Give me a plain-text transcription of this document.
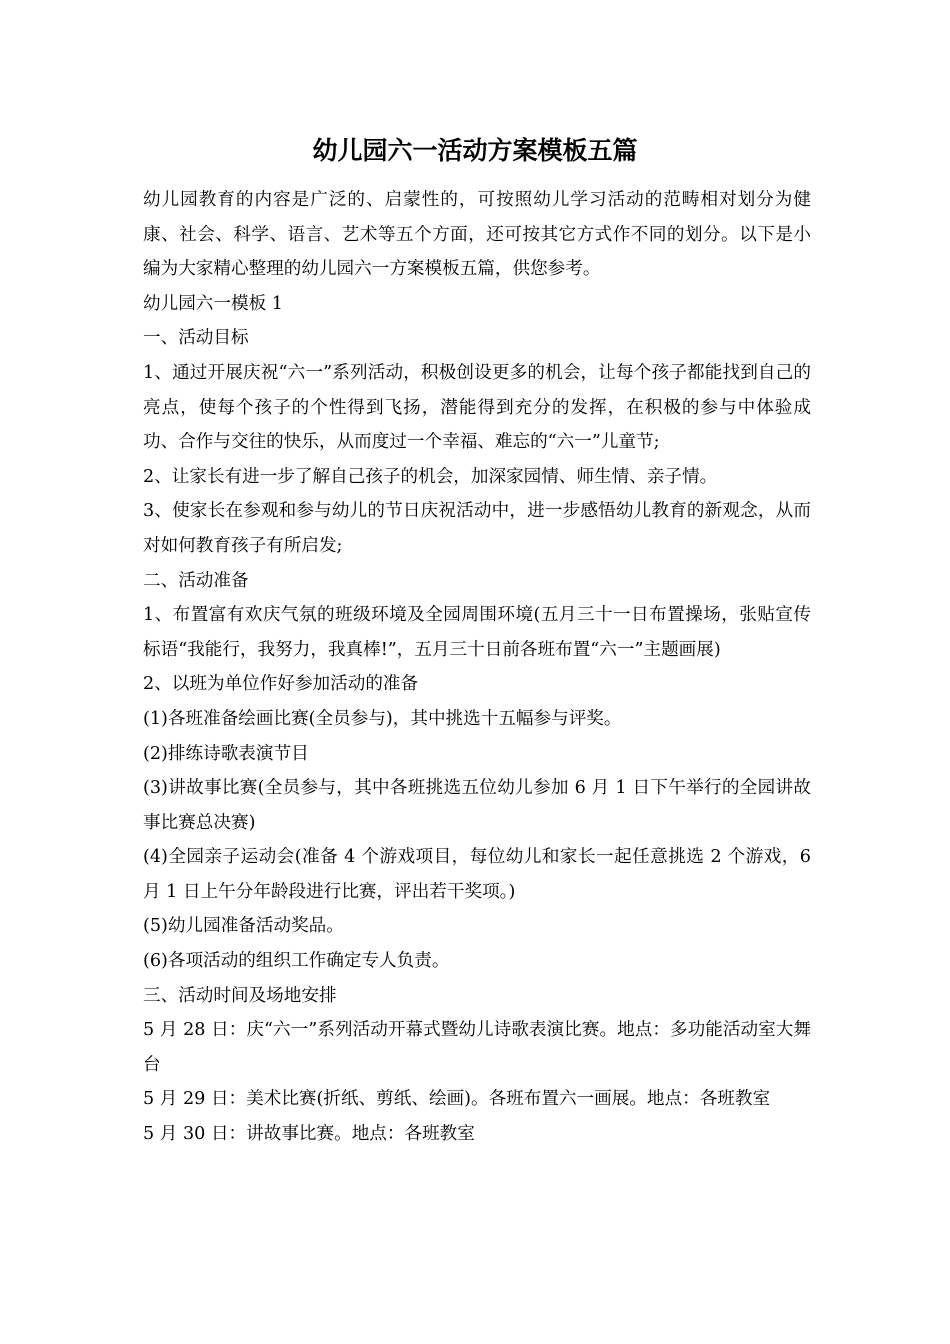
幼儿园六一活动方案模板五篇

幼儿园教育的内容是广泛的、启蒙性的，可按照幼儿学习活动的范畴相对划分为健康、社会、科学、语言、艺术等五个方面，还可按其它方式作不同的划分。以下是小编为大家精心整理的幼儿园六一方案模板五篇，供您参考。

幼儿园六一模板 1

一、活动目标

1、通过开展庆祝“六一”系列活动，积极创设更多的机会，让每个孩子都能找到自己的亮点，使每个孩子的个性得到飞扬，潜能得到充分的发挥，在积极的参与中体验成功、合作与交往的快乐，从而度过一个幸福、难忘的“六一”儿童节;

2、让家长有进一步了解自己孩子的机会，加深家园情、师生情、亲子情。

3、使家长在参观和参与幼儿的节日庆祝活动中，进一步感悟幼儿教育的新观念，从而对如何教育孩子有所启发;

二、活动准备

1、布置富有欢庆气氛的班级环境及全园周围环境(五月三十一日布置操场，张贴宣传标语“我能行，我努力，我真棒!”，五月三十日前各班布置“六一”主题画展)

2、以班为单位作好参加活动的准备

(1)各班准备绘画比赛(全员参与)，其中挑选十五幅参与评奖。

(2)排练诗歌表演节目

(3)讲故事比赛(全员参与，其中各班挑选五位幼儿参加 6 月 1 日下午举行的全园讲故事比赛总决赛)

(4)全园亲子运动会(准备 4 个游戏项目，每位幼儿和家长一起任意挑选 2 个游戏，6 月 1 日上午分年龄段进行比赛，评出若干奖项。)

(5)幼儿园准备活动奖品。

(6)各项活动的组织工作确定专人负责。

三、活动时间及场地安排

5 月 28 日：庆“六一”系列活动开幕式暨幼儿诗歌表演比赛。地点：多功能活动室大舞台

5 月 29 日：美术比赛(折纸、剪纸、绘画)。各班布置六一画展。地点：各班教室

5 月 30 日：讲故事比赛。地点：各班教室
